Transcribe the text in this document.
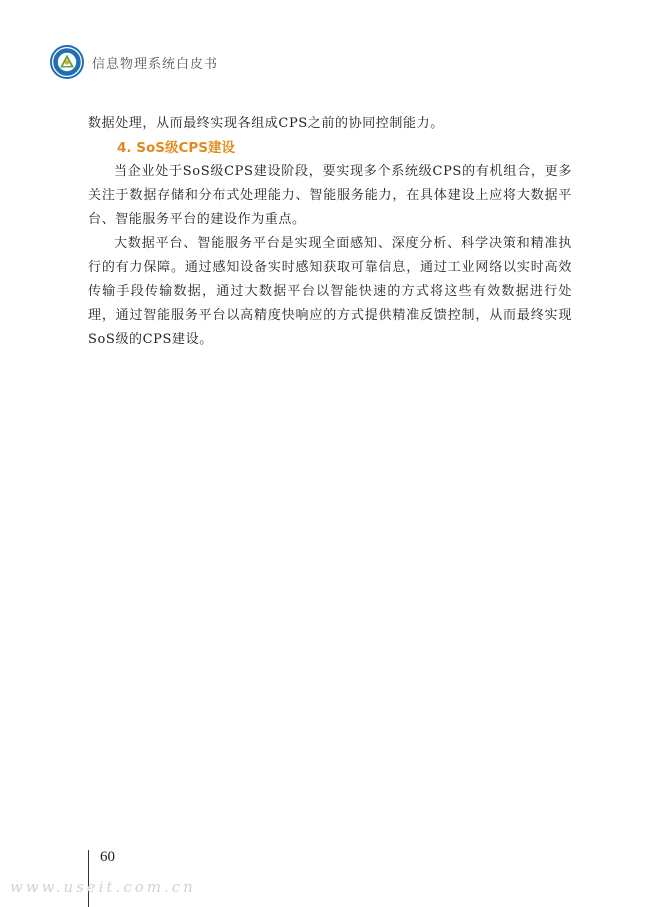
信息物理系统白皮书

数据处理，从而最终实现各组成CPS之前的协同控制能力。

4. SoS级CPS建设

当企业处于SoS级CPS建设阶段，要实现多个系统级CPS的有机组合，更多关注于数据存储和分布式处理能力、智能服务能力，在具体建设上应将大数据平台、智能服务平台的建设作为重点。

大数据平台、智能服务平台是实现全面感知、深度分析、科学决策和精准执行的有力保障。通过感知设备实时感知获取可靠信息，通过工业网络以实时高效传输手段传输数据，通过大数据平台以智能快速的方式将这些有效数据进行处理，通过智能服务平台以高精度快响应的方式提供精准反馈控制，从而最终实现SoS级的CPS建设。

60
www.useit.com.cn
